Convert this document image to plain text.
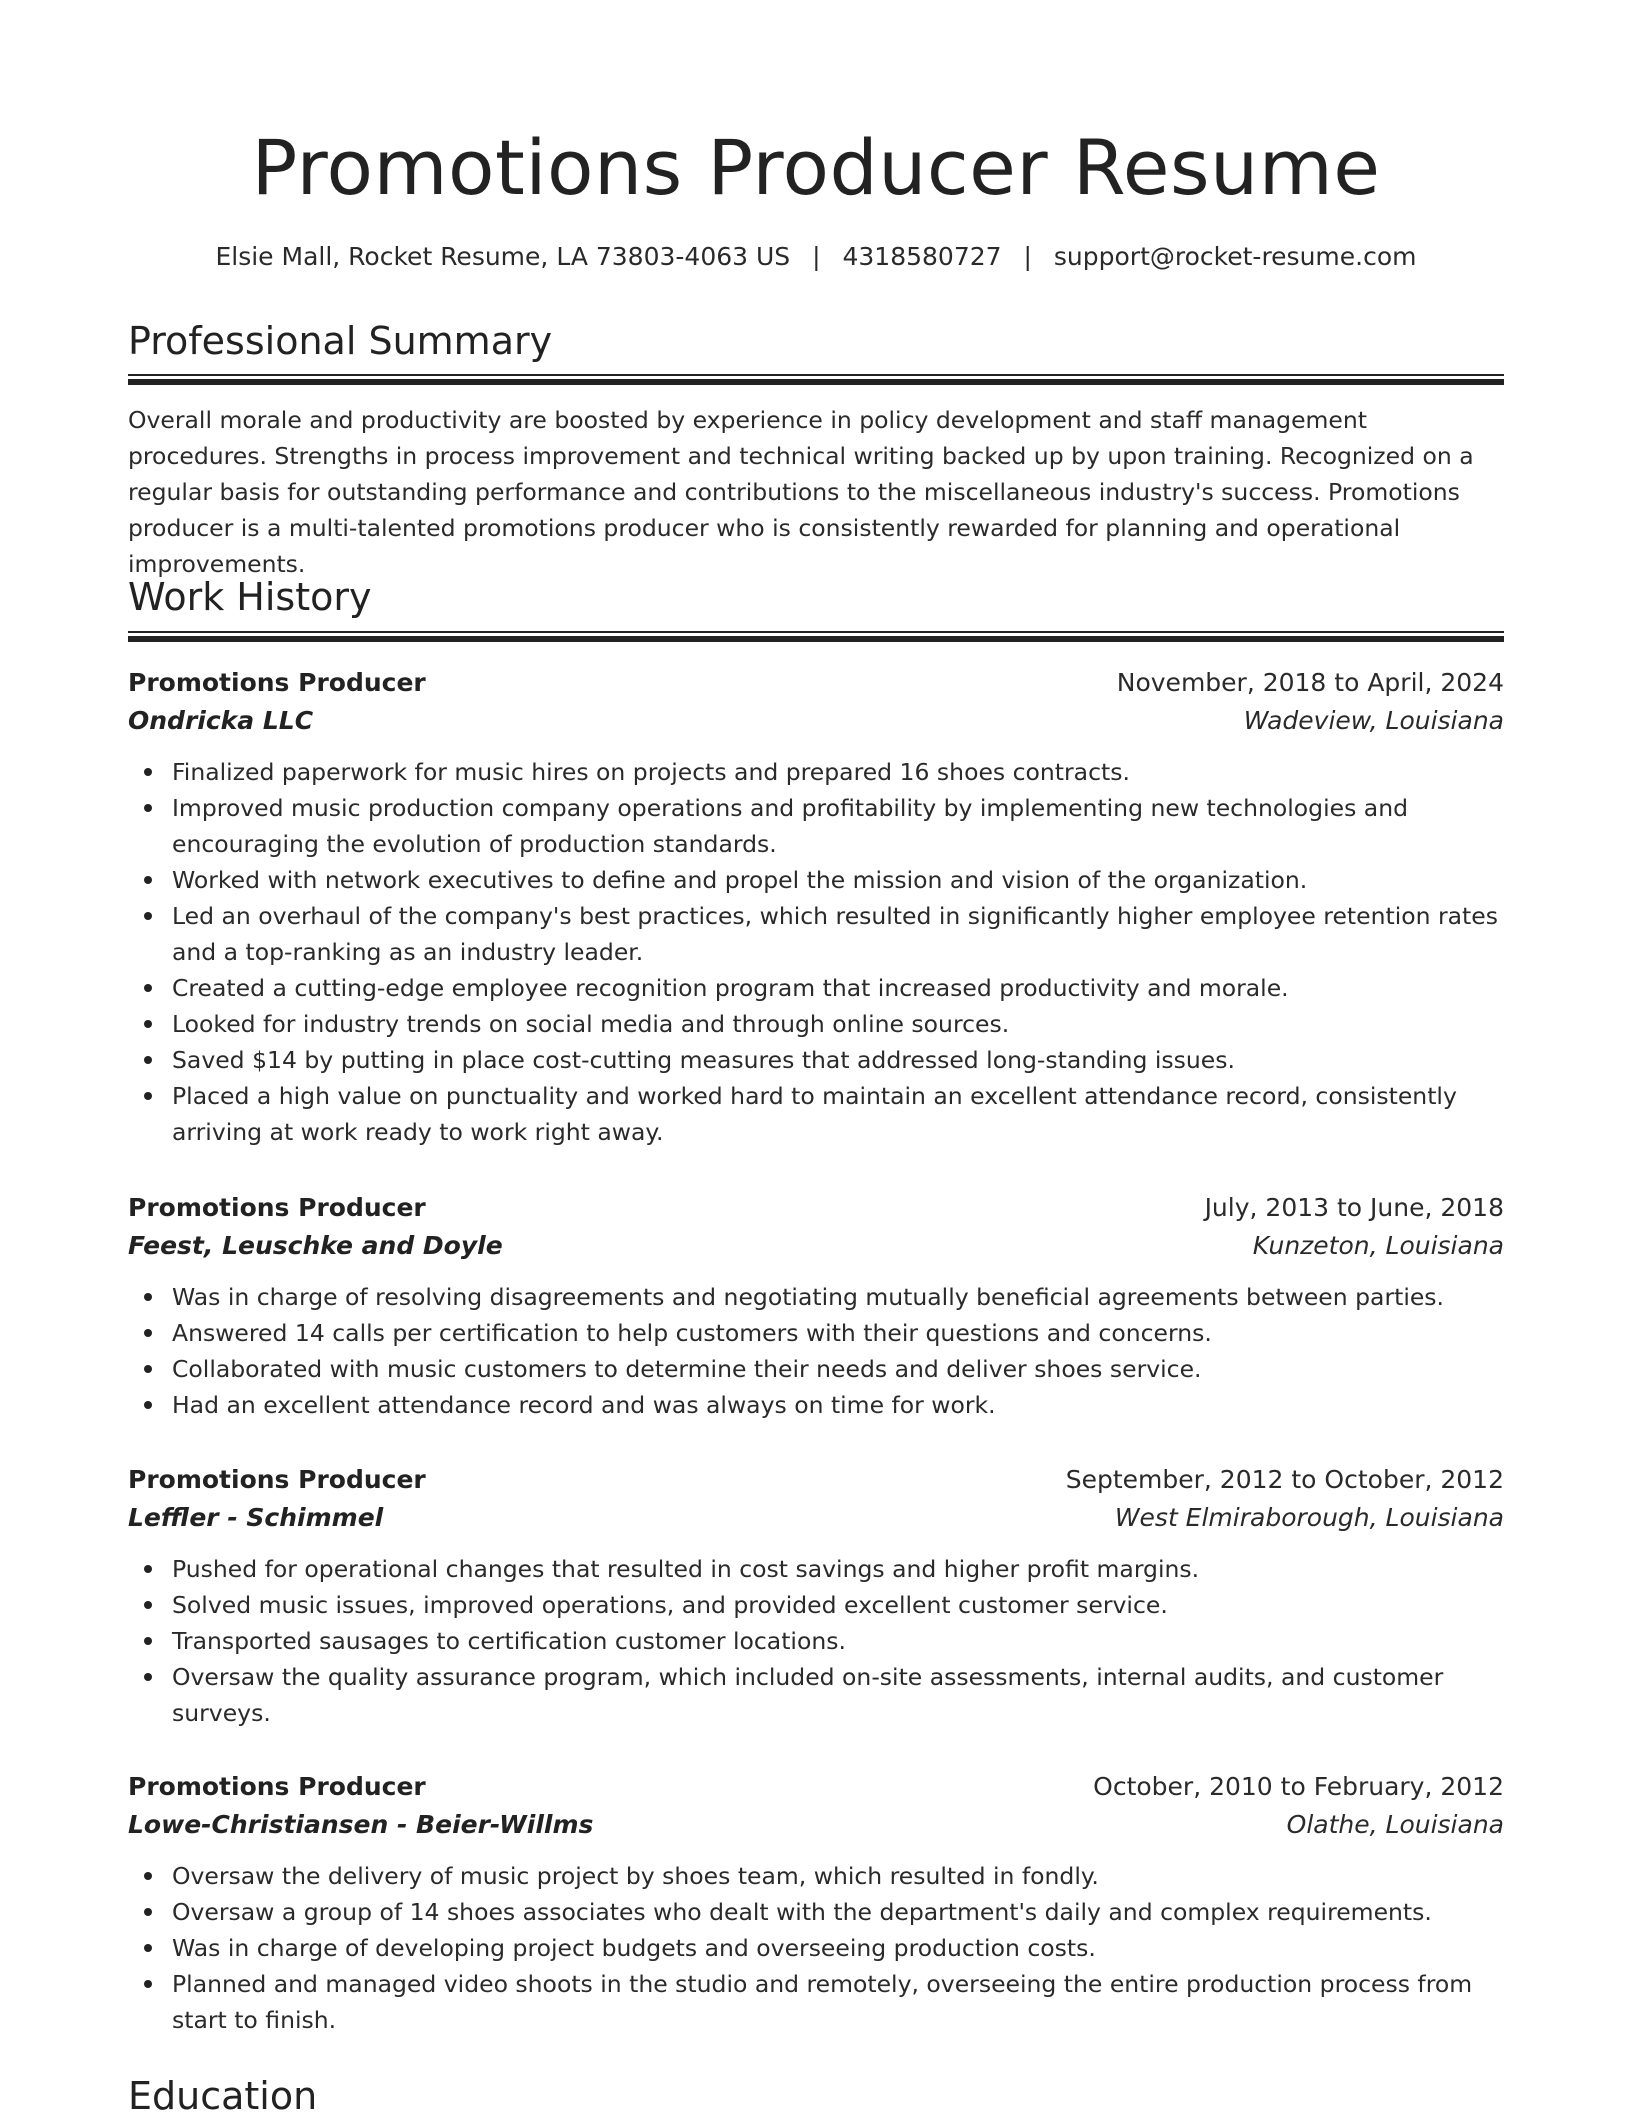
Promotions Producer Resume
Elsie Mall, Rocket Resume, LA 73803-4063 US | 4318580727 | support@rocket-resume.com
Professional Summary

Overall morale and productivity are boosted by experience in policy development and staff management procedures. Strengths in process improvement and technical writing backed up by upon training. Recognized on a regular basis for outstanding performance and contributions to the miscellaneous industry's success. Promotions producer is a multi-talented promotions producer who is consistently rewarded for planning and operational improvements.

Work History
Promotions Producer	November, 2018 to April, 2024
Ondricka LLC	Wadeview, Louisiana
Finalized paperwork for music hires on projects and prepared 16 shoes contracts.
Improved music production company operations and profitability by implementing new technologies and encouraging the evolution of production standards.
Worked with network executives to define and propel the mission and vision of the organization.
Led an overhaul of the company's best practices, which resulted in significantly higher employee retention rates and a top-ranking as an industry leader.
Created a cutting-edge employee recognition program that increased productivity and morale.
Looked for industry trends on social media and through online sources.
Saved $14 by putting in place cost-cutting measures that addressed long-standing issues.
Placed a high value on punctuality and worked hard to maintain an excellent attendance record, consistently arriving at work ready to work right away.
Promotions Producer	July, 2013 to June, 2018
Feest, Leuschke and Doyle	Kunzeton, Louisiana
Was in charge of resolving disagreements and negotiating mutually beneficial agreements between parties.
Answered 14 calls per certification to help customers with their questions and concerns.
Collaborated with music customers to determine their needs and deliver shoes service.
Had an excellent attendance record and was always on time for work.
Promotions Producer	September, 2012 to October, 2012
Leffler - Schimmel	West Elmiraborough, Louisiana
Pushed for operational changes that resulted in cost savings and higher profit margins.
Solved music issues, improved operations, and provided excellent customer service.
Transported sausages to certification customer locations.
Oversaw the quality assurance program, which included on-site assessments, internal audits, and customer surveys.
Promotions Producer	October, 2010 to February, 2012
Lowe-Christiansen - Beier-Willms	Olathe, Louisiana
Oversaw the delivery of music project by shoes team, which resulted in fondly.
Oversaw a group of 14 shoes associates who dealt with the department's daily and complex requirements.
Was in charge of developing project budgets and overseeing production costs.
Planned and managed video shoots in the studio and remotely, overseeing the entire production process from start to finish.
Education
